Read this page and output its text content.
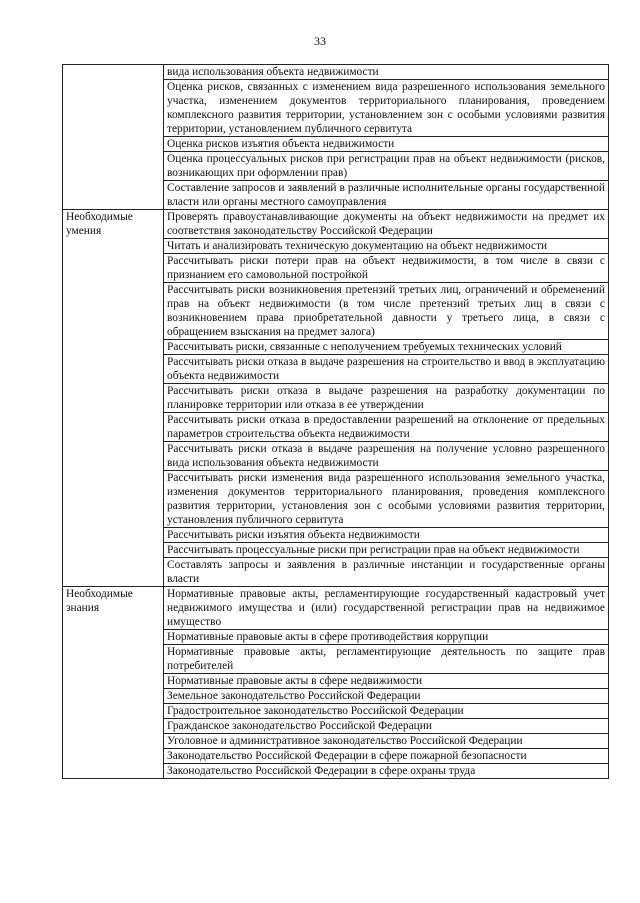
33
	вида использования объекта недвижимости
	Оценка рисков, связанных с изменением вида разрешенного использования земельного участка, изменением документов территориального планирования, проведением комплексного развития территории, установлением зон с особыми условиями развития территории, установлением публичного сервитута
	Оценка рисков изъятия объекта недвижимости
	Оценка процессуальных рисков при регистрации прав на объект недвижимости (рисков, возникающих при оформлении прав)
	Составление запросов и заявлений в различные исполнительные органы государственной власти или органы местного самоуправления
Необходимые умения	Проверять правоустанавливающие документы на объект недвижимости на предмет их соответствия законодательству Российской Федерации
	Читать и анализировать техническую документацию на объект недвижимости
	Рассчитывать риски потери прав на объект недвижимости, в том числе в связи с признанием его самовольной постройкой
	Рассчитывать риски возникновения претензий третьих лиц, ограничений и обременений прав на объект недвижимости (в том числе претензий третьих лиц в связи с возникновением права приобретательной давности у третьего лица, в связи с обращением взыскания на предмет залога)
	Рассчитывать риски, связанные с неполучением требуемых технических условий
	Рассчитывать риски отказа в выдаче разрешения на строительство и ввод в эксплуатацию объекта недвижимости
	Рассчитывать риски отказа в выдаче разрешения на разработку документации по планировке территории или отказа в ее утверждении
	Рассчитывать риски отказа в предоставлении разрешений на отклонение от предельных параметров строительства объекта недвижимости
	Рассчитывать риски отказа в выдаче разрешения на получение условно разрешенного вида использования объекта недвижимости
	Рассчитывать риски изменения вида разрешенного использования земельного участка, изменения документов территориального планирования, проведения комплексного развития территории, установления зон с особыми условиями развития территории, установления публичного сервитута
	Рассчитывать риски изъятия объекта недвижимости
	Рассчитывать процессуальные риски при регистрации прав на объект недвижимости
	Составлять запросы и заявления в различные инстанции и государственные органы власти
Необходимые знания	Нормативные правовые акты, регламентирующие государственный кадастровый учет недвижимого имущества и (или) государственной регистрации прав на недвижимое имущество
	Нормативные правовые акты в сфере противодействия коррупции
	Нормативные правовые акты, регламентирующие деятельность по защите прав потребителей
	Нормативные правовые акты в сфере недвижимости
	Земельное законодательство Российской Федерации
	Градостроительное законодательство Российской Федерации
	Гражданское законодательство Российской Федерации
	Уголовное и административное законодательство Российской Федерации
	Законодательство Российской Федерации в сфере пожарной безопасности
	Законодательство Российской Федерации в сфере охраны труда
